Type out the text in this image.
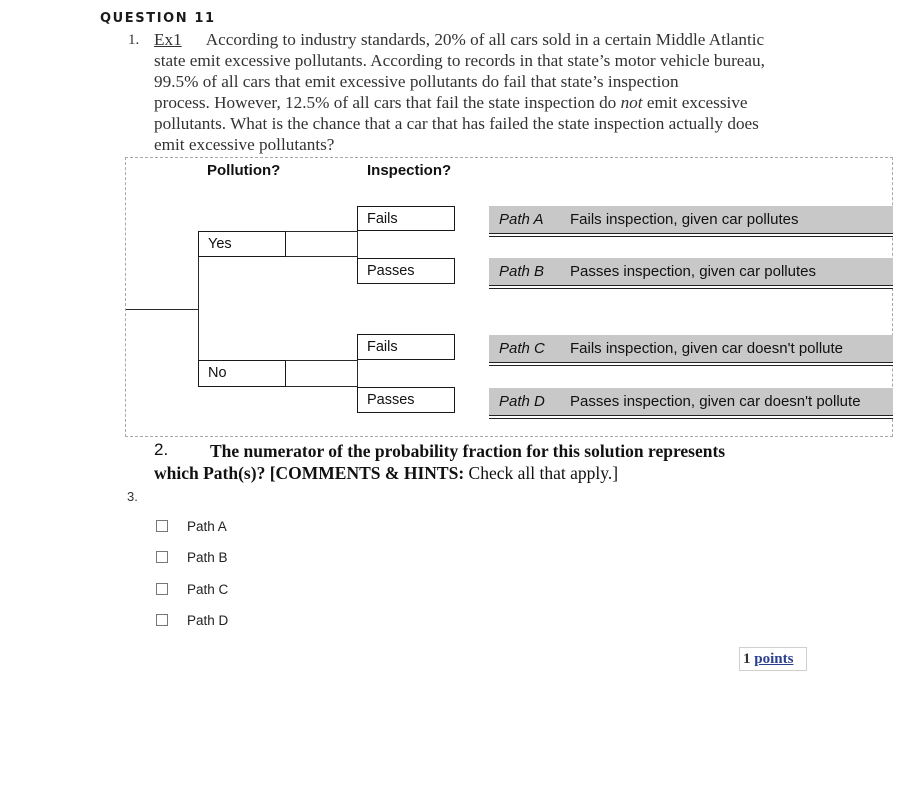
QUESTION 11
1. Ex1 According to industry standards, 20% of all cars sold in a certain Middle Atlantic
state emit excessive pollutants. According to records in that state’s motor vehicle bureau,
99.5% of all cars that emit excessive pollutants do fail that state’s inspection
process. However, 12.5% of all cars that fail the state inspection do not emit excessive
pollutants. What is the chance that a car that has failed the state inspection actually does
emit excessive pollutants?
Pollution?	Inspection?
Yes
No
Fails
Passes
Fails
Passes
Path A Fails inspection, given car pollutes
Path B Passes inspection, given car pollutes
Path C Fails inspection, given car doesn't pollute
Path D Passes inspection, given car doesn't pollute
2.	The numerator of the probability fraction for this solution represents
which Path(s)? [COMMENTS & HINTS: Check all that apply.]
3.
Path A
Path B
Path C
Path D
1 points
